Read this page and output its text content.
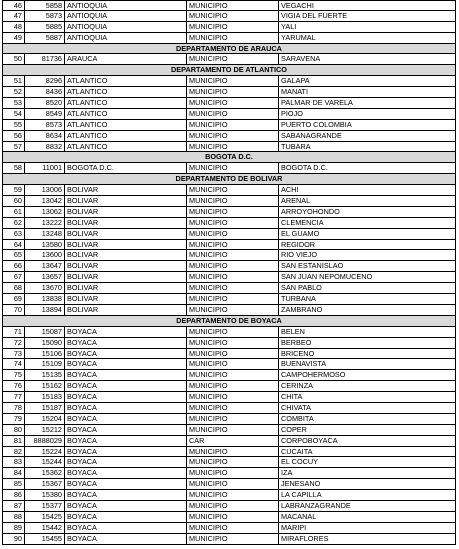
46	5858 ANTIOQUIA	MUNICIPIO	VEGACHI
47	5873 ANTIOQUIA	MUNICIPIO	VIGIA DEL FUERTE
48	5885 ANTIOQUIA	MUNICIPIO	YALI
49	5887 ANTIOQUIA	MUNICIPIO	YARUMAL
DEPARTAMENTO DE ARAUCA
50	81736 ARAUCA	MUNICIPIO	SARAVENA
DEPARTAMENTO DE ATLANTICO
51	8296 ATLANTICO	MUNICIPIO	GALAPA
52	8436 ATLANTICO	MUNICIPIO	MANATI
53	8520 ATLANTICO	MUNICIPIO	PALMAR DE VARELA
54	8549 ATLANTICO	MUNICIPIO	PIOJO
55	8573 ATLANTICO	MUNICIPIO	PUERTO COLOMBIA
56	8634 ATLANTICO	MUNICIPIO	SABANAGRANDE
57	8832 ATLANTICO	MUNICIPIO	TUBARA
BOGOTA D.C.
58	11001 BOGOTA D.C.	MUNICIPIO	BOGOTA D.C.
DEPARTAMENTO DE BOLIVAR
59	13006 BOLIVAR	MUNICIPIO	ACHI
60	13042 BOLIVAR	MUNICIPIO	ARENAL
61	13062 BOLIVAR	MUNICIPIO	ARROYOHONDO
62	13222 BOLIVAR	MUNICIPIO	CLEMENCIA
63	13248 BOLIVAR	MUNICIPIO	EL GUAMO
64	13580 BOLIVAR	MUNICIPIO	REGIDOR
65	13600 BOLIVAR	MUNICIPIO	RIO VIEJO
66	13647 BOLIVAR	MUNICIPIO	SAN ESTANISLAO
67	13657 BOLIVAR	MUNICIPIO	SAN JUAN NEPOMUCENO
68	13670 BOLIVAR	MUNICIPIO	SAN PABLO
69	13838 BOLIVAR	MUNICIPIO	TURBANA
70	13894 BOLIVAR	MUNICIPIO	ZAMBRANO
DEPARTAMENTO DE BOYACA
71	15087 BOYACA	MUNICIPIO	BELEN
72	15090 BOYACA	MUNICIPIO	BERBEO
73	15106 BOYACA	MUNICIPIO	BRICENO
74	15109 BOYACA	MUNICIPIO	BUENAVISTA
75	15135 BOYACA	MUNICIPIO	CAMPOHERMOSO
76	15162 BOYACA	MUNICIPIO	CERINZA
77	15183 BOYACA	MUNICIPIO	CHITA
78	15187 BOYACA	MUNICIPIO	CHIVATA
79	15204 BOYACA	MUNICIPIO	COMBITA
80	15212 BOYACA	MUNICIPIO	COPER
81	8888029 BOYACA	CAR	CORPOBOYACA
82	15224 BOYACA	MUNICIPIO	CUCAITA
83	15244 BOYACA	MUNICIPIO	EL COCUY
84	15362 BOYACA	MUNICIPIO	IZA
85	15367 BOYACA	MUNICIPIO	JENESANO
86	15380 BOYACA	MUNICIPIO	LA CAPILLA
87	15377 BOYACA	MUNICIPIO	LABRANZAGRANDE
88	15425 BOYACA	MUNICIPIO	MACANAL
89	15442 BOYACA	MUNICIPIO	MARIPI
90	15455 BOYACA	MUNICIPIO	MIRAFLORES
